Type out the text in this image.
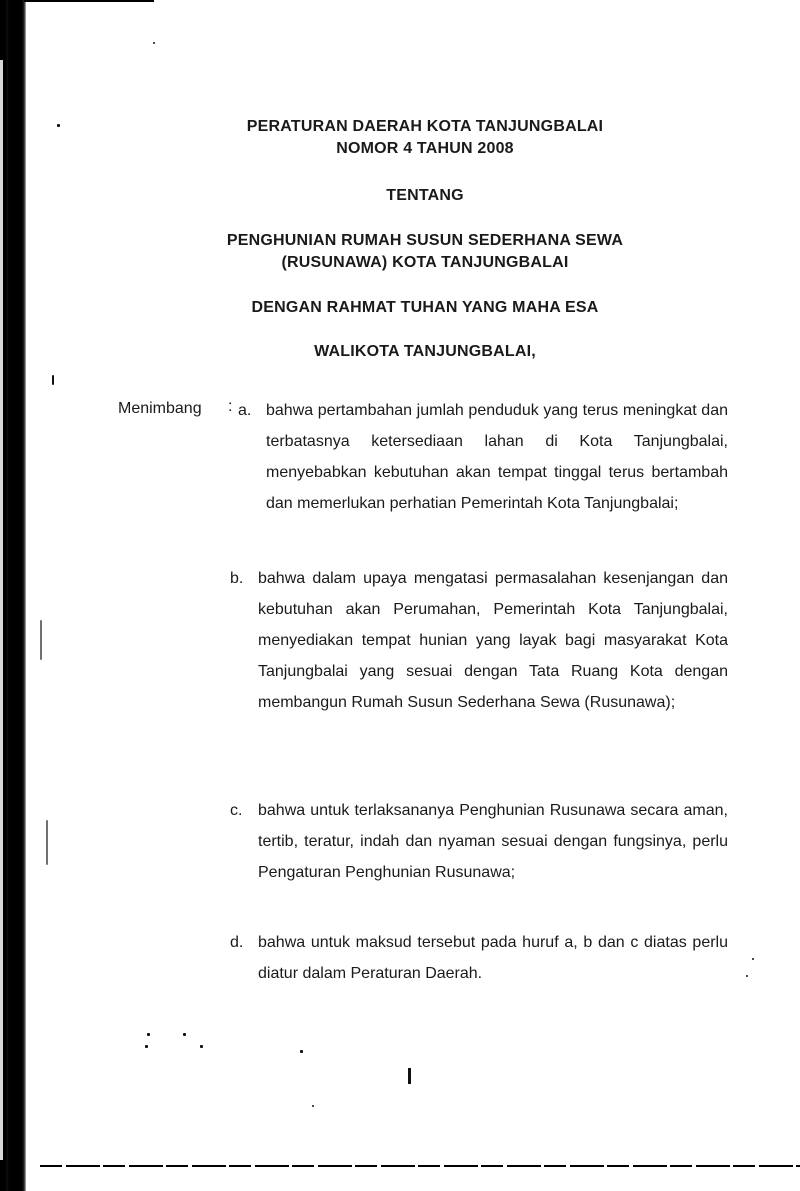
PERATURAN DAERAH KOTA TANJUNGBALAI
NOMOR 4 TAHUN 2008
TENTANG
PENGHUNIAN RUMAH SUSUN SEDERHANA SEWA
(RUSUNAWA) KOTA TANJUNGBALAI
DENGAN RAHMAT TUHAN YANG MAHA ESA
WALIKOTA TANJUNGBALAI,
Menimbang : a. bahwa pertambahan jumlah penduduk yang terus meningkat dan terbatasnya ketersediaan lahan di Kota Tanjungbalai, menyebabkan kebutuhan akan tempat tinggal terus bertambah dan memerlukan perhatian Pemerintah Kota Tanjungbalai;
b. bahwa dalam upaya mengatasi permasalahan kesenjangan dan kebutuhan akan Perumahan, Pemerintah Kota Tanjungbalai, menyediakan tempat hunian yang layak bagi masyarakat Kota Tanjungbalai yang sesuai dengan Tata Ruang Kota dengan membangun Rumah Susun Sederhana Sewa (Rusunawa);
c. bahwa untuk terlaksananya Penghunian Rusunawa secara aman, tertib, teratur, indah dan nyaman sesuai dengan fungsinya, perlu Pengaturan Penghunian Rusunawa;
d. bahwa untuk maksud tersebut pada huruf a, b dan c diatas perlu diatur dalam Peraturan Daerah.
